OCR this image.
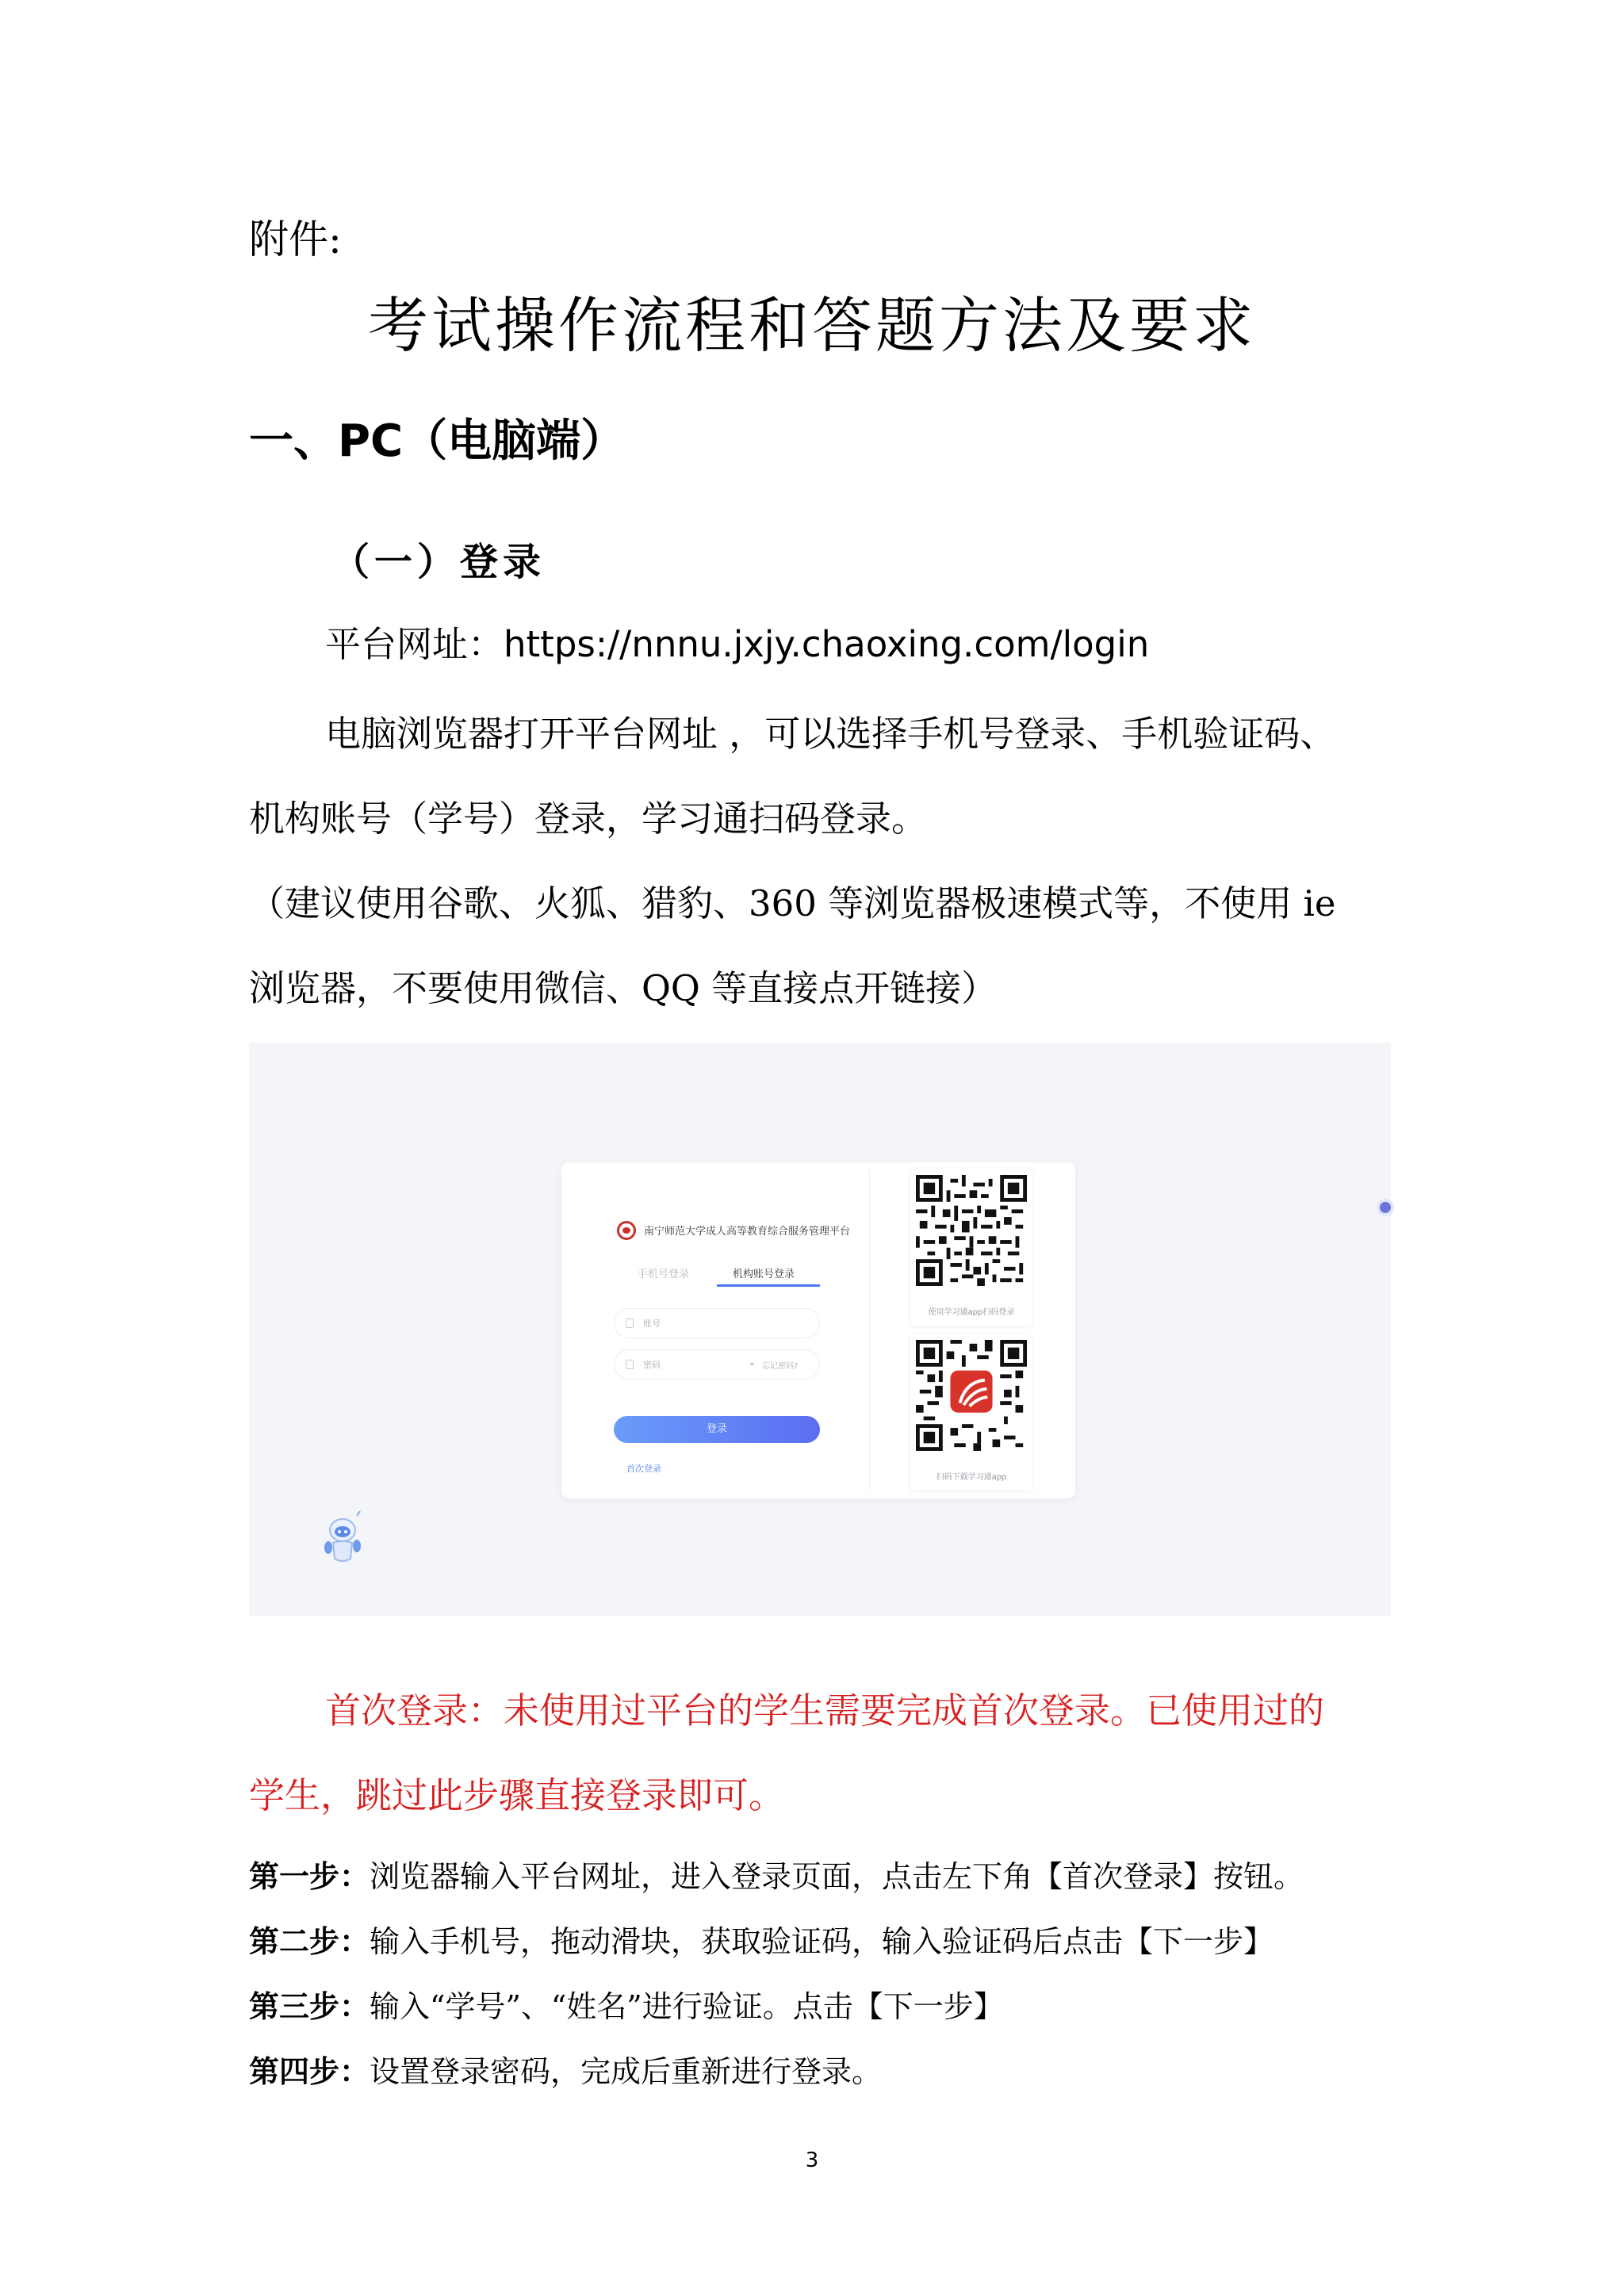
附件:
考试操作流程和答题方法及要求
一、PC（电脑端）
（一）登录
平台网址：https://nnnu.jxjy.chaoxing.com/login
电脑浏览器打开平台网址 ，可以选择手机号登录、手机验证码、
机构账号（学号）登录，学习通扫码登录。
（建议使用谷歌、火狐、猎豹、360 等浏览器极速模式等，不使用 ie
浏览器，不要使用微信、QQ 等直接点开链接）
南宁师范大学成人高等教育综合服务管理平台
手机号登录	机构账号登录
账号
密码	⌄ 忘记密码?
登录
首次登录
使用学习通app扫码登录
扫码下载学习通app
首次登录：未使用过平台的学生需要完成首次登录。已使用过的
学生，跳过此步骤直接登录即可。
第一步：浏览器输入平台网址，进入登录页面，点击左下角【首次登录】按钮。
第二步：输入手机号，拖动滑块，获取验证码，输入验证码后点击【下一步】
第三步：输入“学号”、“姓名”进行验证。点击【下一步】
第四步：设置登录密码，完成后重新进行登录。
3
